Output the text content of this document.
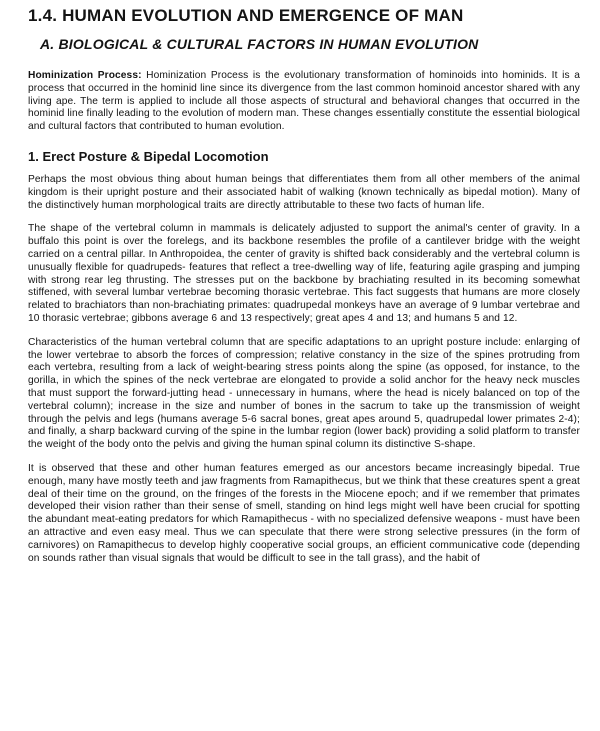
1.4. HUMAN EVOLUTION AND EMERGENCE OF MAN
A. BIOLOGICAL & CULTURAL FACTORS IN HUMAN EVOLUTION

Hominization Process: Hominization Process is the evolutionary transformation of hominoids into hominids. It is a process that occurred in the hominid line since its divergence from the last common hominoid ancestor shared with any living ape. The term is applied to include all those aspects of structural and behavioral changes that occurred in the hominid line finally leading to the evolution of modern man. These changes essentially constitute the essential biological and cultural factors that contributed to human evolution.

1. Erect Posture & Bipedal Locomotion

Perhaps the most obvious thing about human beings that differentiates them from all other members of the animal kingdom is their upright posture and their associated habit of walking (known technically as bipedal motion). Many of the distinctively human morphological traits are directly attributable to these two facts of human life.

The shape of the vertebral column in mammals is delicately adjusted to support the animal's center of gravity. In a buffalo this point is over the forelegs, and its backbone resembles the profile of a cantilever bridge with the weight carried on a central pillar. In Anthropoidea, the center of gravity is shifted back considerably and the vertebral column is unusually flexible for quadrupeds- features that reflect a tree-dwelling way of life, featuring agile grasping and jumping with strong rear leg thrusting. The stresses put on the backbone by brachiating resulted in its becoming somewhat stiffened, with several lumbar vertebrae becoming thorasic vertebrae. This fact suggests that humans are more closely related to brachiators than non-brachiating primates: quadrupedal monkeys have an average of 9 lumbar vertebrae and 10 thorasic vertebrae; gibbons average 6 and 13 respectively; great apes 4 and 13; and humans 5 and 12.

Characteristics of the human vertebral column that are specific adaptations to an upright posture include: enlarging of the lower vertebrae to absorb the forces of compression; relative constancy in the size of the spines protruding from each vertebra, resulting from a lack of weight-bearing stress points along the spine (as opposed, for instance, to the gorilla, in which the spines of the neck vertebrae are elongated to provide a solid anchor for the heavy neck muscles that must support the forward-jutting head - unnecessary in humans, where the head is nicely balanced on top of the vertebral column); increase in the size and number of bones in the sacrum to take up the transmission of weight through the pelvis and legs (humans average 5-6 sacral bones, great apes around 5, quadrupedal lower primates 2-4); and finally, a sharp backward curving of the spine in the lumbar region (lower back) providing a solid platform to transfer the weight of the body onto the pelvis and giving the human spinal column its distinctive S-shape.

It is observed that these and other human features emerged as our ancestors became increasingly bipedal. True enough, many have mostly teeth and jaw fragments from Ramapithecus, but we think that these creatures spent a great deal of their time on the ground, on the fringes of the forests in the Miocene epoch; and if we remember that primates developed their vision rather than their sense of smell, standing on hind legs might well have been crucial for spotting the abundant meat-eating predators for which Ramapithecus - with no specialized defensive weapons - must have been an attractive and even easy meal. Thus we can speculate that there were strong selective pressures (in the form of carnivores) on Ramapithecus to develop highly cooperative social groups, an efficient communicative code (depending on sounds rather than visual signals that would be difficult to see in the tall grass), and the habit of
